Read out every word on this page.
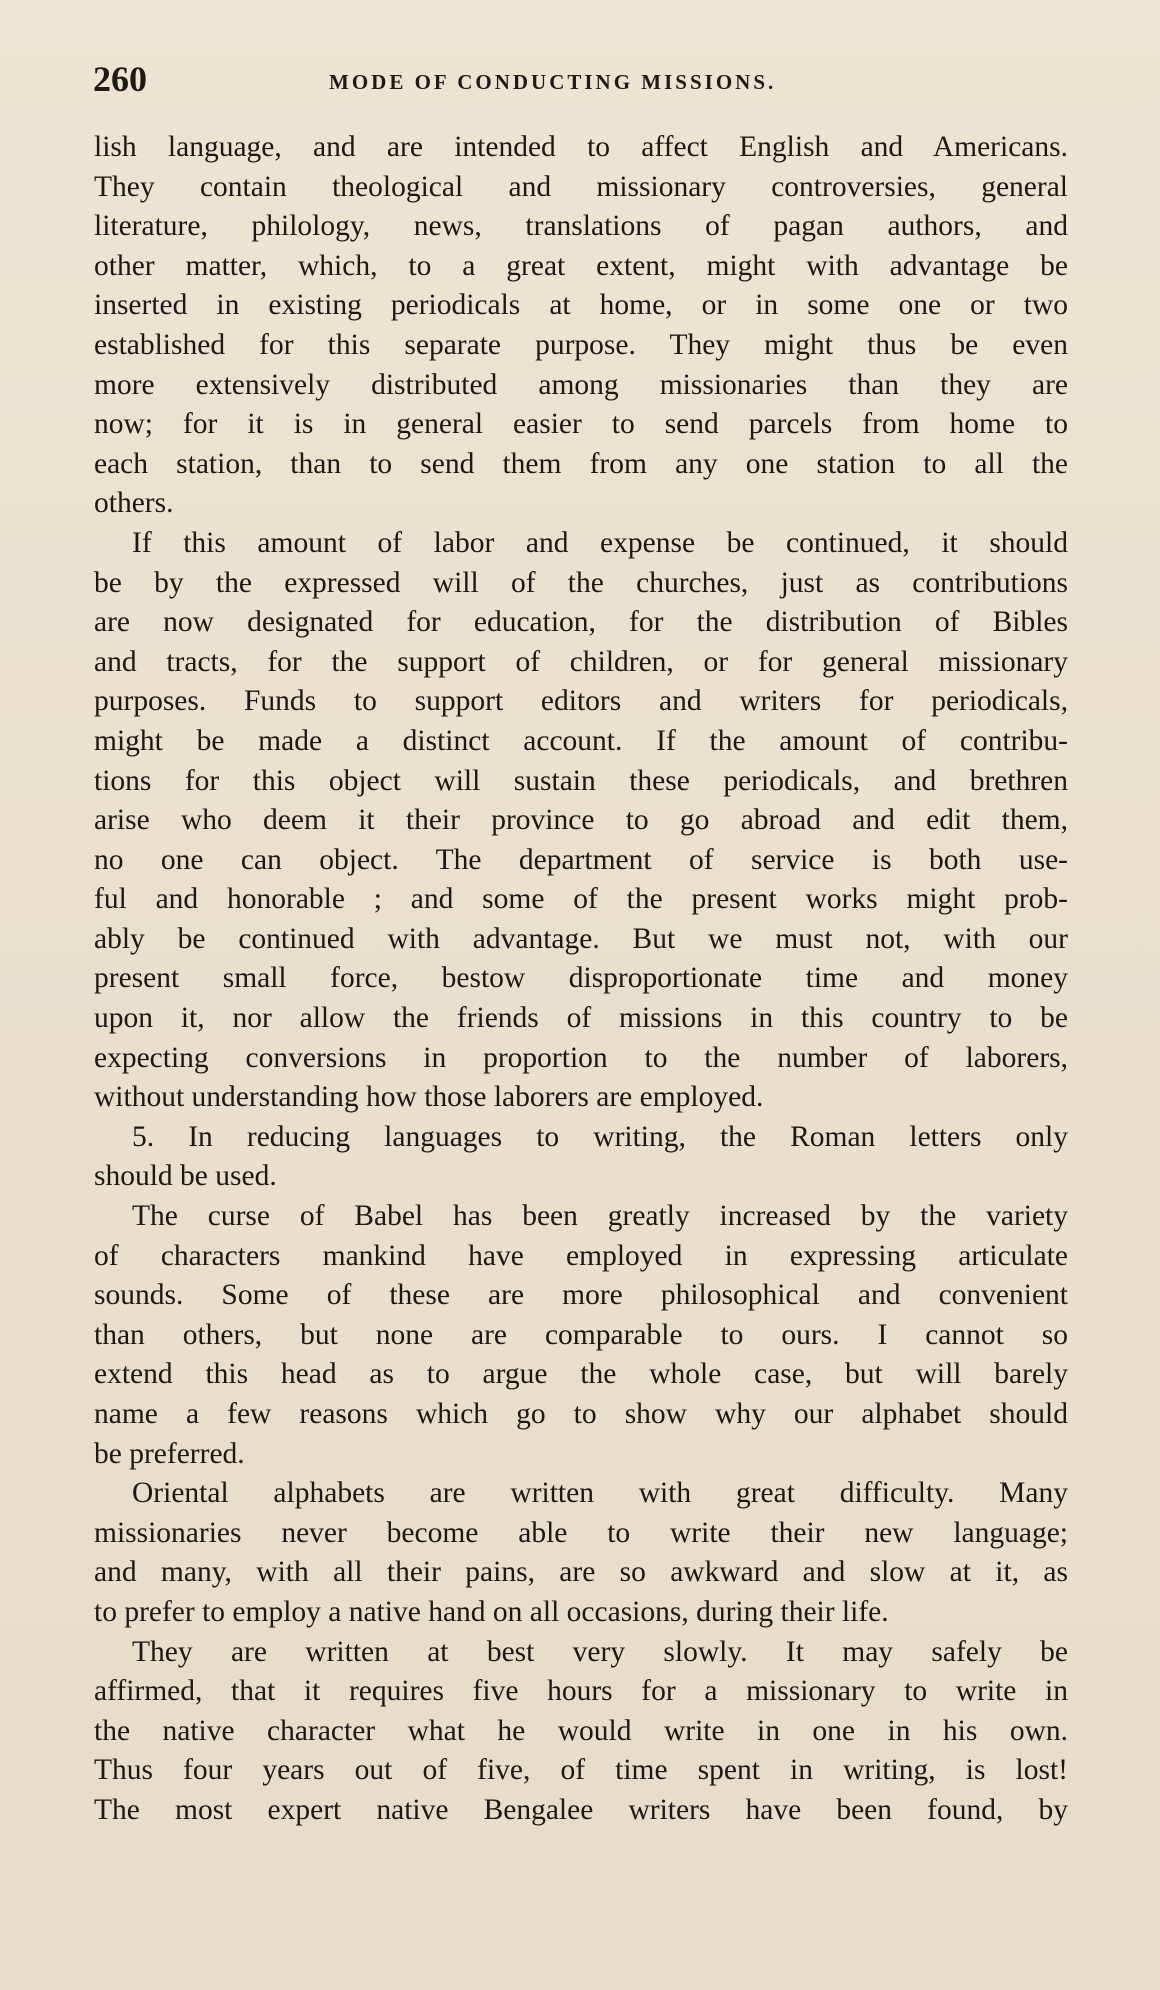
260	MODE OF CONDUCTING MISSIONS.
lish language, and are intended to affect English and Americans.
They contain theological and missionary controversies, general
literature, philology, news, translations of pagan authors, and
other matter, which, to a great extent, might with advantage be
inserted in existing periodicals at home, or in some one or two
established for this separate purpose. They might thus be even
more extensively distributed among missionaries than they are
now; for it is in general easier to send parcels from home to
each station, than to send them from any one station to all the
others.
If this amount of labor and expense be continued, it should
be by the expressed will of the churches, just as contributions
are now designated for education, for the distribution of Bibles
and tracts, for the support of children, or for general missionary
purposes. Funds to support editors and writers for periodicals,
might be made a distinct account. If the amount of contribu-
tions for this object will sustain these periodicals, and brethren
arise who deem it their province to go abroad and edit them,
no one can object. The department of service is both use-
ful and honorable ; and some of the present works might prob-
ably be continued with advantage. But we must not, with our
present small force, bestow disproportionate time and money
upon it, nor allow the friends of missions in this country to be
expecting conversions in proportion to the number of laborers,
without understanding how those laborers are employed.
5. In reducing languages to writing, the Roman letters only
should be used.
The curse of Babel has been greatly increased by the variety
of characters mankind have employed in expressing articulate
sounds. Some of these are more philosophical and convenient
than others, but none are comparable to ours. I cannot so
extend this head as to argue the whole case, but will barely
name a few reasons which go to show why our alphabet should
be preferred.
Oriental alphabets are written with great difficulty. Many
missionaries never become able to write their new language;
and many, with all their pains, are so awkward and slow at it, as
to prefer to employ a native hand on all occasions, during their life.
They are written at best very slowly. It may safely be
affirmed, that it requires five hours for a missionary to write in
the native character what he would write in one in his own.
Thus four years out of five, of time spent in writing, is lost!
The most expert native Bengalee writers have been found, by
